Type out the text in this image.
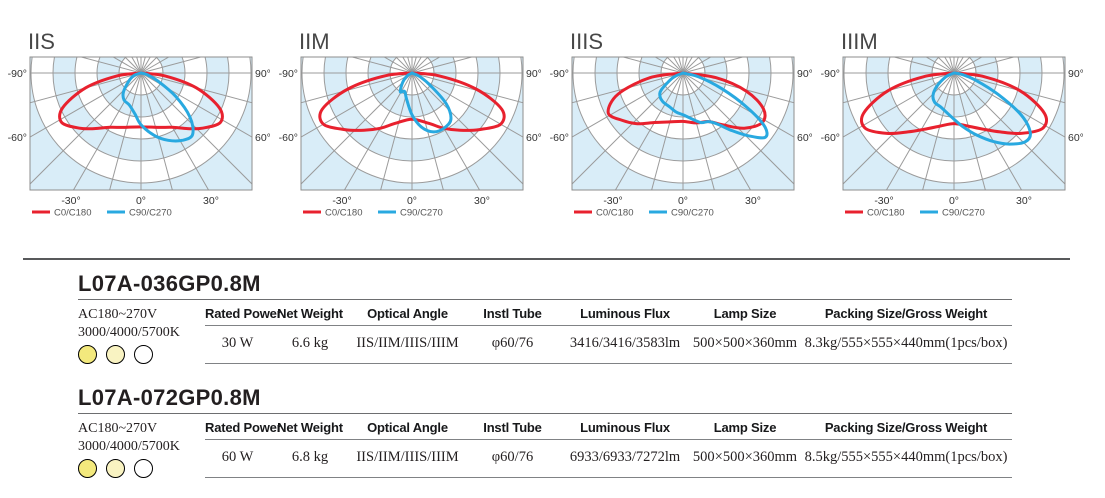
-90°	90°
-60°	60°
-30°	0°	30°
IIS
C0/C180	C90/C270
-90°	90°
-60°	60°
-30°	0°	30°
IIM
C0/C180	C90/C270
-90°	90°
-60°	60°
-30°	0°	30°
IIIS
C0/C180	C90/C270
-90°	90°
-60°	60°
-30°	0°	30°
IIIM
C0/C180	C90/C270
L07A-036GP0.8M
AC180~270V
3000/4000/5700K
Rated Power	Net Weight	Optical Angle	Instl Tube	Luminous Flux	Lamp Size	Packing Size/Gross Weight
30 W	6.6 kg	IIS/IIM/IIIS/IIIM	φ60/76	3416/3416/3583lm	500×500×360mm	8.3kg/555×555×440mm(1pcs/box)
L07A-072GP0.8M
AC180~270V
3000/4000/5700K
Rated Power	Net Weight	Optical Angle	Instl Tube	Luminous Flux	Lamp Size	Packing Size/Gross Weight
60 W	6.8 kg	IIS/IIM/IIIS/IIIM	φ60/76	6933/6933/7272lm	500×500×360mm	8.5kg/555×555×440mm(1pcs/box)
